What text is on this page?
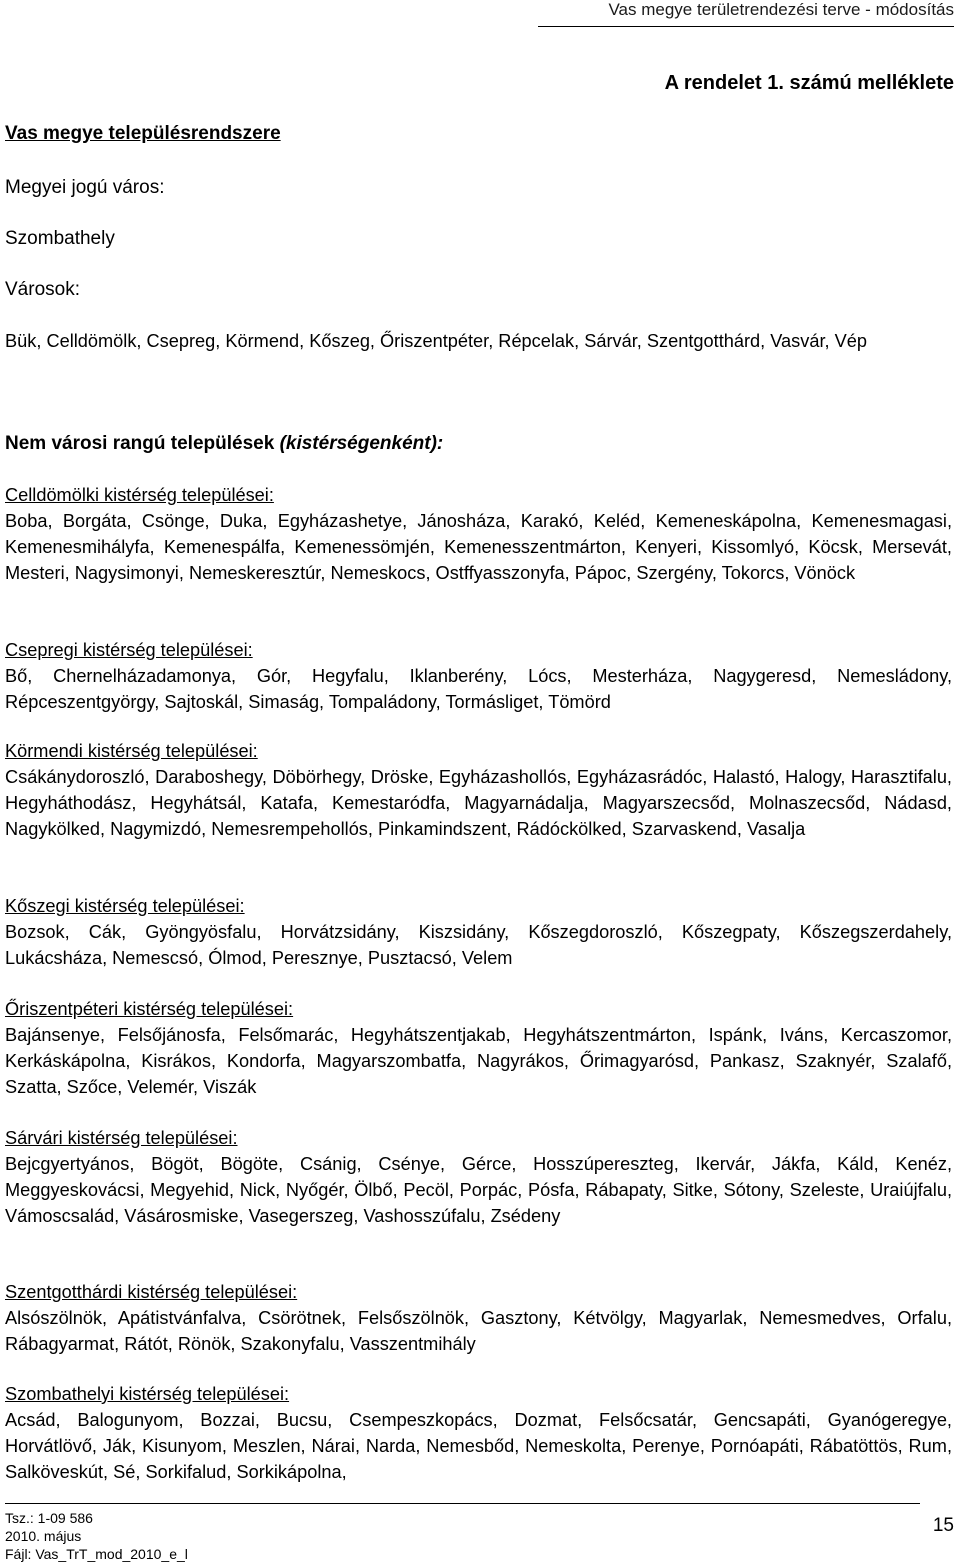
Vas megye területrendezési terve - módosítás
A rendelet 1. számú melléklete
Vas megye településrendszere
Megyei jogú város:
Szombathely
Városok:
Bük, Celldömölk, Csepreg, Körmend, Kőszeg, Őriszentpéter, Répcelak, Sárvár, Szentgotthárd, Vasvár, Vép
Nem városi rangú települések (kistérségenként):
Celldömölki kistérség települései:
Boba, Borgáta, Csönge, Duka, Egyházashetye, Jánosháza, Karakó, Keléd, Kemeneskápolna, Kemenesmagasi, Kemenesmihályfa, Kemenespálfa, Kemenessömjén, Kemenesszentmárton, Kenyeri, Kissomlyó, Köcsk, Mersevát, Mesteri, Nagysimonyi, Nemeskeresztúr, Nemeskocs, Ostffyasszonyfa, Pápoc, Szergény, Tokorcs, Vönöck
Csepregi kistérség települései:
Bő, Chernelházadamonya, Gór, Hegyfalu, Iklanberény, Lócs, Mesterháza, Nagygeresd, Nemesládony, Répceszentgyörgy, Sajtoskál, Simaság, Tompaládony, Tormásliget, Tömörd
Körmendi kistérség települései:
Csákánydoroszló, Daraboshegy, Döbörhegy, Dröske, Egyházashollós, Egyházasrádóc, Halastó, Halogy, Harasztifalu, Hegyháthodász, Hegyhátsál, Katafa, Kemestaródfa, Magyarnádalja, Magyarszecsőd, Molnaszecsőd, Nádasd, Nagykölked, Nagymizdó, Nemesrempehollós, Pinkamindszent, Rádóckölked, Szarvaskend, Vasalja
Kőszegi kistérség települései:
Bozsok, Cák, Gyöngyösfalu, Horvátzsidány, Kiszsidány, Kőszegdoroszló, Kőszegpaty, Kőszegszerdahely, Lukácsháza, Nemescsó, Ólmod, Peresznye, Pusztacsó, Velem
Őriszentpéteri kistérség települései:
Bajánsenye, Felsőjánosfa, Felsőmarác, Hegyhátszentjakab, Hegyhátszentmárton, Ispánk, Iváns, Kercaszomor, Kerkáskápolna, Kisrákos, Kondorfa, Magyarszombatfa, Nagyrákos, Őrimagyarósd, Pankasz, Szaknyér, Szalafő, Szatta, Szőce, Velemér, Viszák
Sárvári kistérség települései:
Bejcgyertyános, Bögöt, Bögöte, Csánig, Csénye, Gérce, Hosszúpereszteg, Ikervár, Jákfa, Káld, Kenéz, Meggyeskovácsi, Megyehid, Nick, Nyőgér, Ölbő, Pecöl, Porpác, Pósfa, Rábapaty, Sitke, Sótony, Szeleste, Uraiújfalu, Vámoscsalád, Vásárosmiske, Vasegerszeg, Vashosszúfalu, Zsédeny
Szentgotthárdi kistérség települései:
Alsószölnök, Apátistvánfalva, Csörötnek, Felsőszölnök, Gasztony, Kétvölgy, Magyarlak, Nemesmedves, Orfalu, Rábagyarmat, Rátót, Rönök, Szakonyfalu, Vasszentmihály
Szombathelyi kistérség települései:
Acsád, Balogunyom, Bozzai, Bucsu, Csempeszkopács, Dozmat, Felsőcsatár, Gencsapáti, Gyanógeregye, Horvátlövő, Ják, Kisunyom, Meszlen, Nárai, Narda, Nemesbőd, Nemeskolta, Perenye, Pornóapáti, Rábatöttös, Rum, Salköveskút, Sé, Sorkifalud, Sorkikápolna,
Tsz.: 1-09 586
2010. május
Fájl: Vas_TrT_mod_2010_e_l
15
